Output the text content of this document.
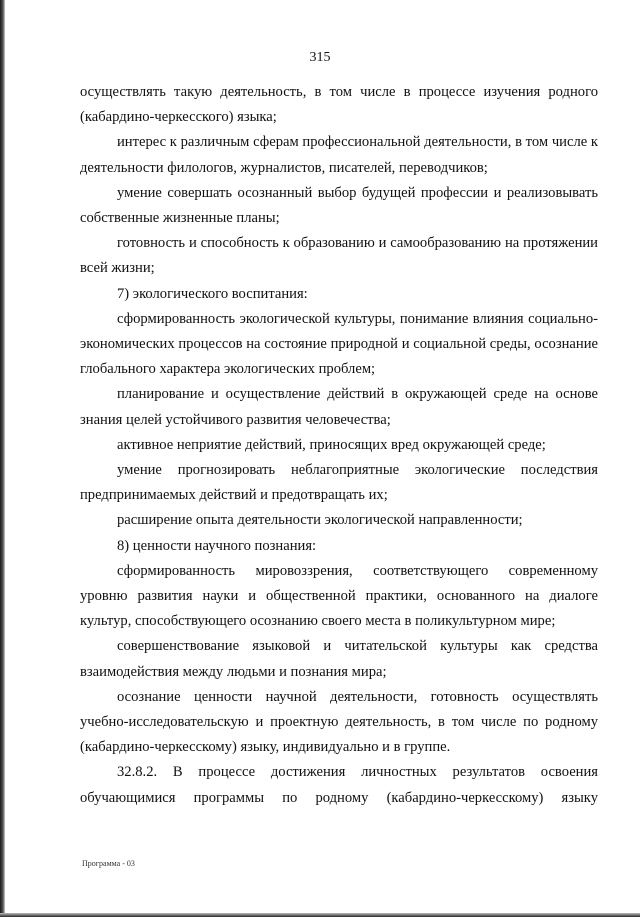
315

осуществлять такую деятельность, в том числе в процессе изучения родного (кабардино-черкесского) языка;

интерес к различным сферам профессиональной деятельности, в том числе к деятельности филологов, журналистов, писателей, переводчиков;

умение совершать осознанный выбор будущей профессии и реализовывать собственные жизненные планы;

готовность и способность к образованию и самообразованию на протяжении всей жизни;

7) экологического воспитания:

сформированность экологической культуры, понимание влияния социально-экономических процессов на состояние природной и социальной среды, осознание глобального характера экологических проблем;

планирование и осуществление действий в окружающей среде на основе знания целей устойчивого развития человечества;

активное неприятие действий, приносящих вред окружающей среде;

умение прогнозировать неблагоприятные экологические последствия предпринимаемых действий и предотвращать их;

расширение опыта деятельности экологической направленности;

8) ценности научного познания:

сформированность мировоззрения, соответствующего современному уровню развития науки и общественной практики, основанного на диалоге культур, способствующего осознанию своего места в поликультурном мире;

совершенствование языковой и читательской культуры как средства взаимодействия между людьми и познания мира;

осознание ценности научной деятельности, готовность осуществлять учебно-исследовательскую и проектную деятельность, в том числе по родному (кабардино-черкесскому) языку, индивидуально и в группе.

32.8.2. В процессе достижения личностных результатов освоения обучающимися программы по родному (кабардино-черкесскому) языку

Программа - 03
